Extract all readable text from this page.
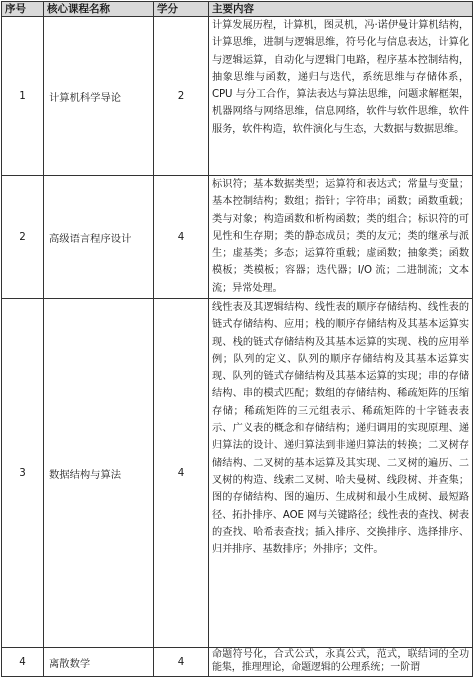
序号	核心课程名称	学分	主要内容
1	计算机科学导论	2	计算发展历程，计算机，图灵机，冯·诺伊曼计算机结构，计算思维，进制与逻辑思维，符号化与信息表达，计算化与逻辑运算，自动化与逻辑门电路，程序基本控制结构，抽象思维与函数，递归与迭代，系统思维与存储体系，CPU 与分工合作，算法表达与算法思维，问题求解框架，机器网络与网络思维，信息网络，软件与软件思维，软件服务，软件构造，软件演化与生态，大数据与数据思维。
2	高级语言程序设计	4	标识符；基本数据类型；运算符和表达式；常量与变量；基本控制结构；数组；指针；字符串；函数；函数重载；类与对象；构造函数和析构函数；类的组合；标识符的可见性和生存期；类的静态成员；类的友元；类的继承与派生；虚基类；多态；运算符重载；虚函数；抽象类；函数模板；类模板；容器；迭代器；I/O 流；二进制流；文本流；异常处理。
3	数据结构与算法	4	线性表及其逻辑结构、线性表的顺序存储结构、线性表的链式存储结构、应用；栈的顺序存储结构及其基本运算实现、栈的链式存储结构及其基本运算的实现、栈的应用举例；队列的定义、队列的顺序存储结构及其基本运算实现、队列的链式存储结构及其基本运算的实现；串的存储结构、串的模式匹配；数组的存储结构、稀疏矩阵的压缩存储；稀疏矩阵的三元组表示、稀疏矩阵的十字链表表示、广义表的概念和存储结构；递归调用的实现原理、递归算法的设计、递归算法到非递归算法的转换；二叉树存储结构、二叉树的基本运算及其实现、二叉树的遍历、二叉树的构造、线索二叉树、哈夫曼树、线段树、并查集；图的存储结构、图的遍历、生成树和最小生成树、最短路径、拓扑排序、AOE 网与关键路径；线性表的查找、树表的查找、哈希表查找；插入排序、交换排序、选择排序、归并排序、基数排序；外排序；文件。
4	离散数学	4	命题符号化，合式公式，永真公式，范式，联结词的全功能集，推理理论，命题逻辑的公理系统；一阶谓
